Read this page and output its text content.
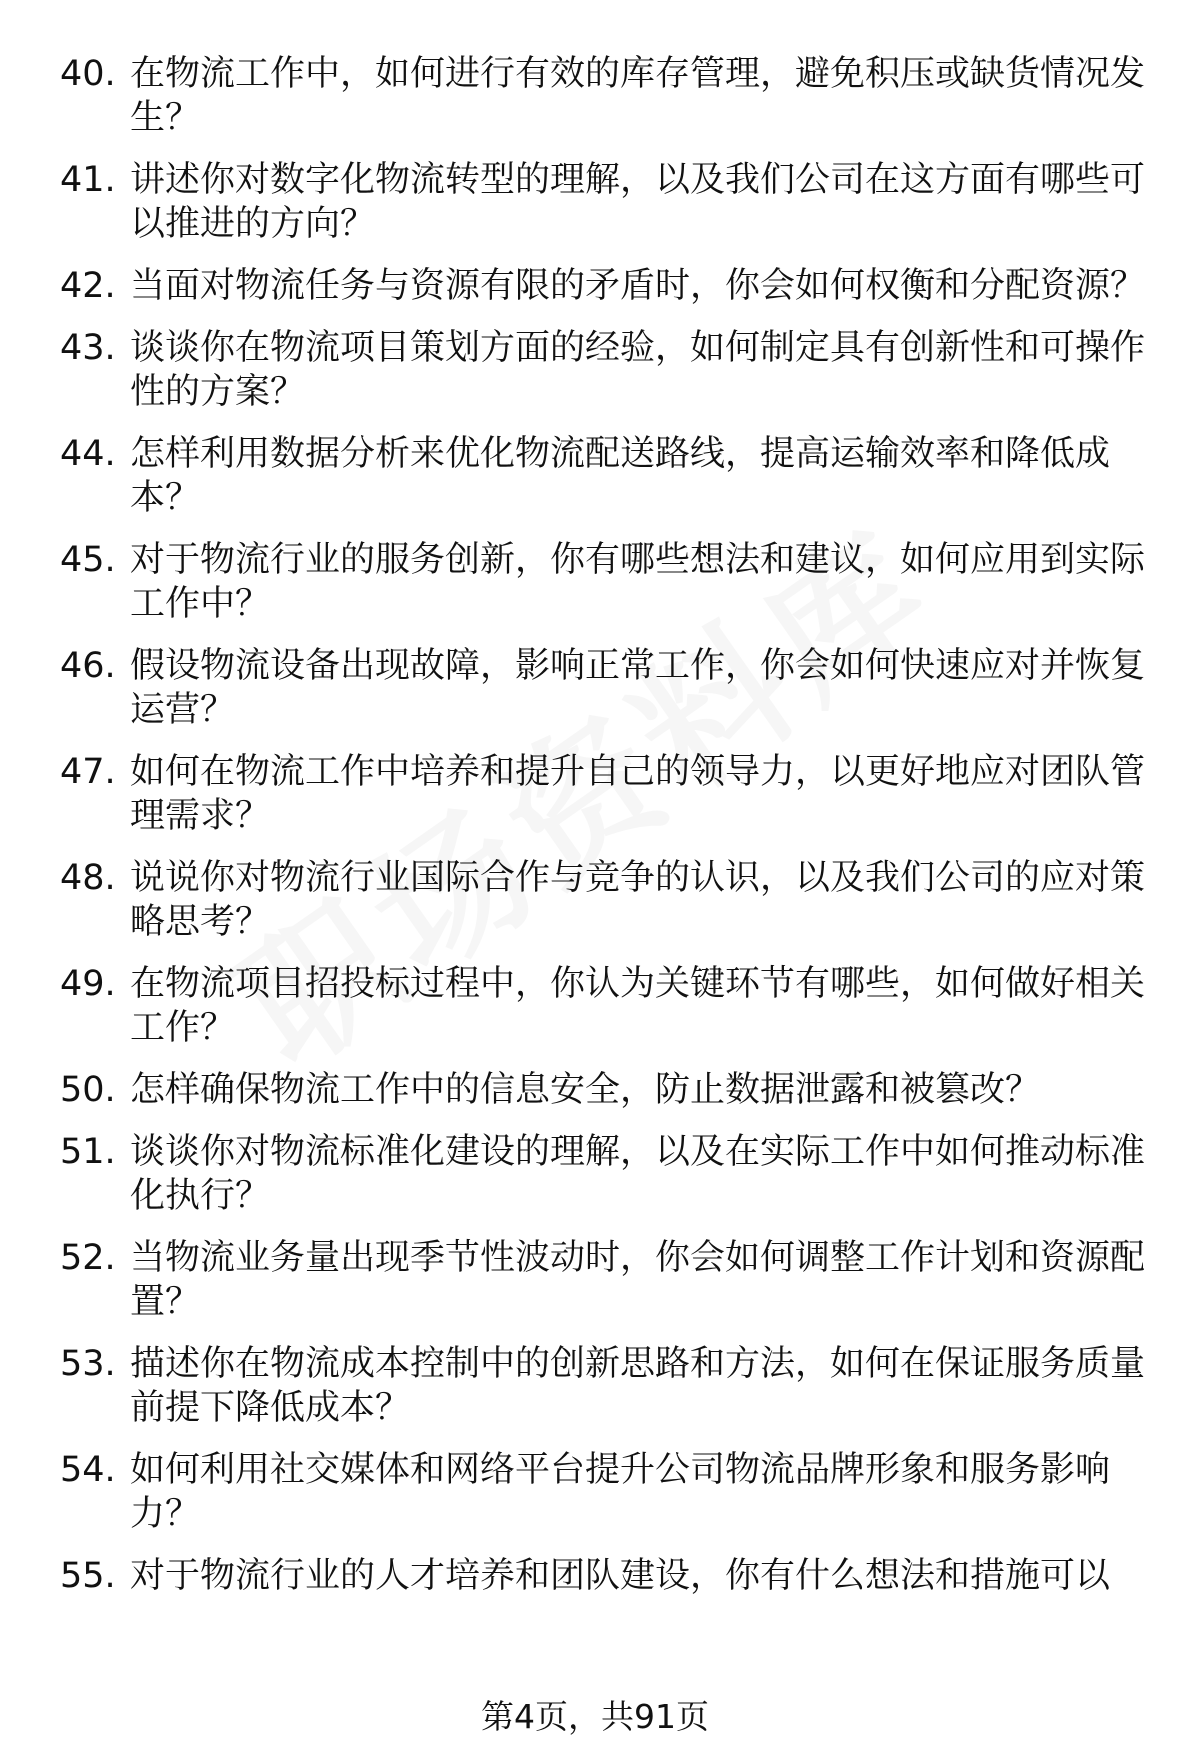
40. 在物流工作中，如何进行有效的库存管理，避免积压或缺货情况发生？
41. 讲述你对数字化物流转型的理解，以及我们公司在这方面有哪些可以推进的方向？
42. 当面对物流任务与资源有限的矛盾时，你会如何权衡和分配资源？
43. 谈谈你在物流项目策划方面的经验，如何制定具有创新性和可操作性的方案？
44. 怎样利用数据分析来优化物流配送路线，提高运输效率和降低成本？
45. 对于物流行业的服务创新，你有哪些想法和建议，如何应用到实际工作中？
46. 假设物流设备出现故障，影响正常工作，你会如何快速应对并恢复运营？
47. 如何在物流工作中培养和提升自己的领导力，以更好地应对团队管理需求？
48. 说说你对物流行业国际合作与竞争的认识，以及我们公司的应对策略思考？
49. 在物流项目招投标过程中，你认为关键环节有哪些，如何做好相关工作？
50. 怎样确保物流工作中的信息安全，防止数据泄露和被篡改？
51. 谈谈你对物流标准化建设的理解，以及在实际工作中如何推动标准化执行？
52. 当物流业务量出现季节性波动时，你会如何调整工作计划和资源配置？
53. 描述你在物流成本控制中的创新思路和方法，如何在保证服务质量前提下降低成本？
54. 如何利用社交媒体和网络平台提升公司物流品牌形象和服务影响力？
55. 对于物流行业的人才培养和团队建设，你有什么想法和措施可以
第4页，共91页
